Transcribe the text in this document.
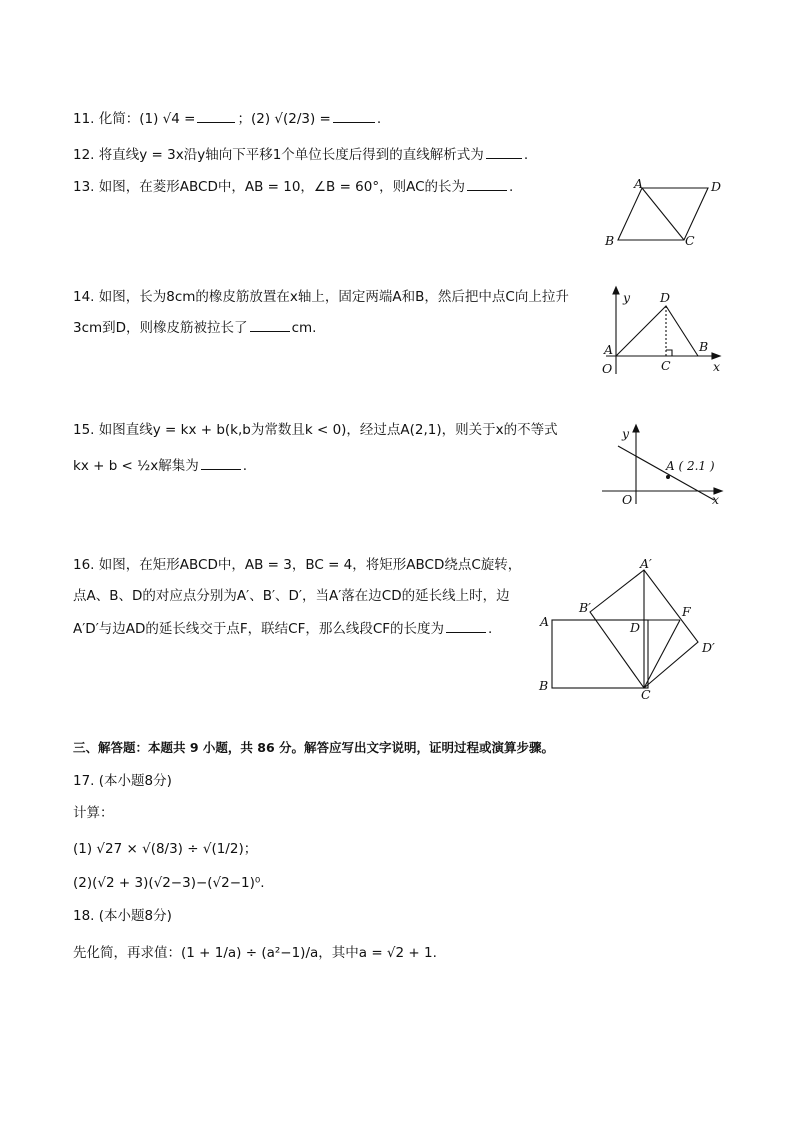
11. 化简：(1) √4 =	；(2) √(2/3) =	.
12. 将直线y = 3x沿y轴向下平移1个单位长度后得到的直线解析式为	.
13. 如图，在菱形ABCD中，AB = 10，∠B = 60°，则AC的长为	.	A	D
B	C
14. 如图，长为8cm的橡皮筋放置在x轴上，固定两端A和B，然后把中点C向上拉升
3cm到D，则橡皮筋被拉长了	cm.
y D
A	B
O	C	x
15. 如图直线y = kx + b(k,b为常数且k < 0)，经过点A(2,1)，则关于x的不等式
kx + b < ½x解集为	.
y
A ( 2.1 )
O	x
16. 如图，在矩形ABCD中，AB = 3，BC = 4，将矩形ABCD绕点C旋转，
点A、B、D的对应点分别为A′、B′、D′，当A′落在边CD的延长线上时，边
A′D′与边AD的延长线交于点F，联结CF，那么线段CF的长度为	.
A′
B′	F
A	D
D′
B
C
三、解答题：本题共 9 小题，共 86 分。解答应写出文字说明，证明过程或演算步骤。
17. (本小题8分)
计算：
(1) √27 × √(8/3) ÷ √(1/2)；
(2)(√2 + 3)(√2−3)−(√2−1)⁰.
18. (本小题8分)
先化简，再求值：(1 + 1/a) ÷ (a²−1)/a，其中a = √2 + 1.
